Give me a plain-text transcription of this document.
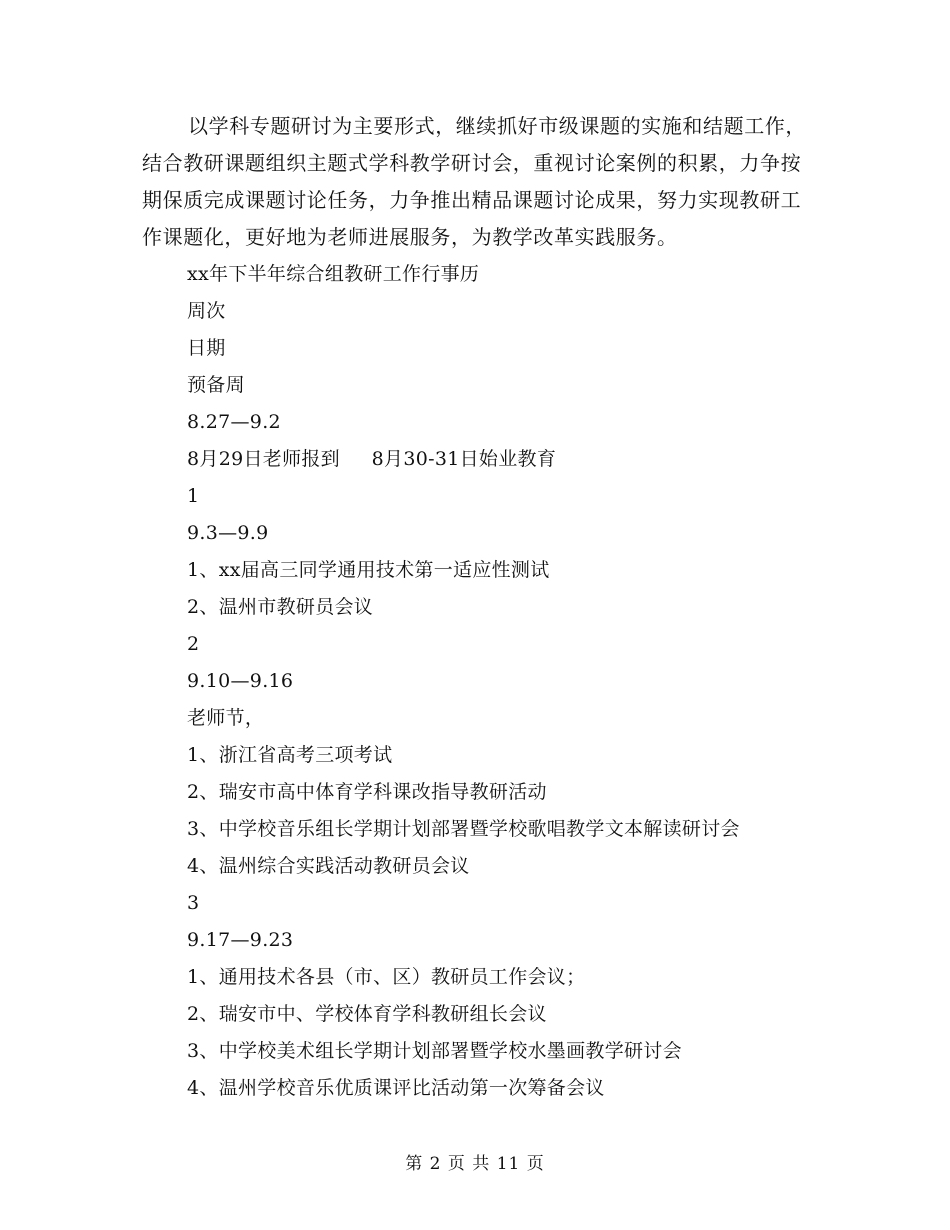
以学科专题研讨为主要形式，继续抓好市级课题的实施和结题工作，结合教研课题组织主题式学科教学研讨会，重视讨论案例的积累，力争按期保质完成课题讨论任务，力争推出精品课题讨论成果，努力实现教研工作课题化，更好地为老师进展服务，为教学改革实践服务。

xx年下半年综合组教研工作行事历
周次
日期
预备周
8.27—9.2
8月29日老师报到     8月30-31日始业教育
1
9.3—9.9
1、xx届高三同学通用技术第一适应性测试
2、温州市教研员会议
2
9.10—9.16
老师节，
1、浙江省高考三项考试
2、瑞安市高中体育学科课改指导教研活动
3、中学校音乐组长学期计划部署暨学校歌唱教学文本解读研讨会
4、温州综合实践活动教研员会议
3
9.17—9.23
1、通用技术各县（市、区）教研员工作会议；
2、瑞安市中、学校体育学科教研组长会议
3、中学校美术组长学期计划部署暨学校水墨画教学研讨会
4、温州学校音乐优质课评比活动第一次筹备会议
第 2 页 共 11 页
